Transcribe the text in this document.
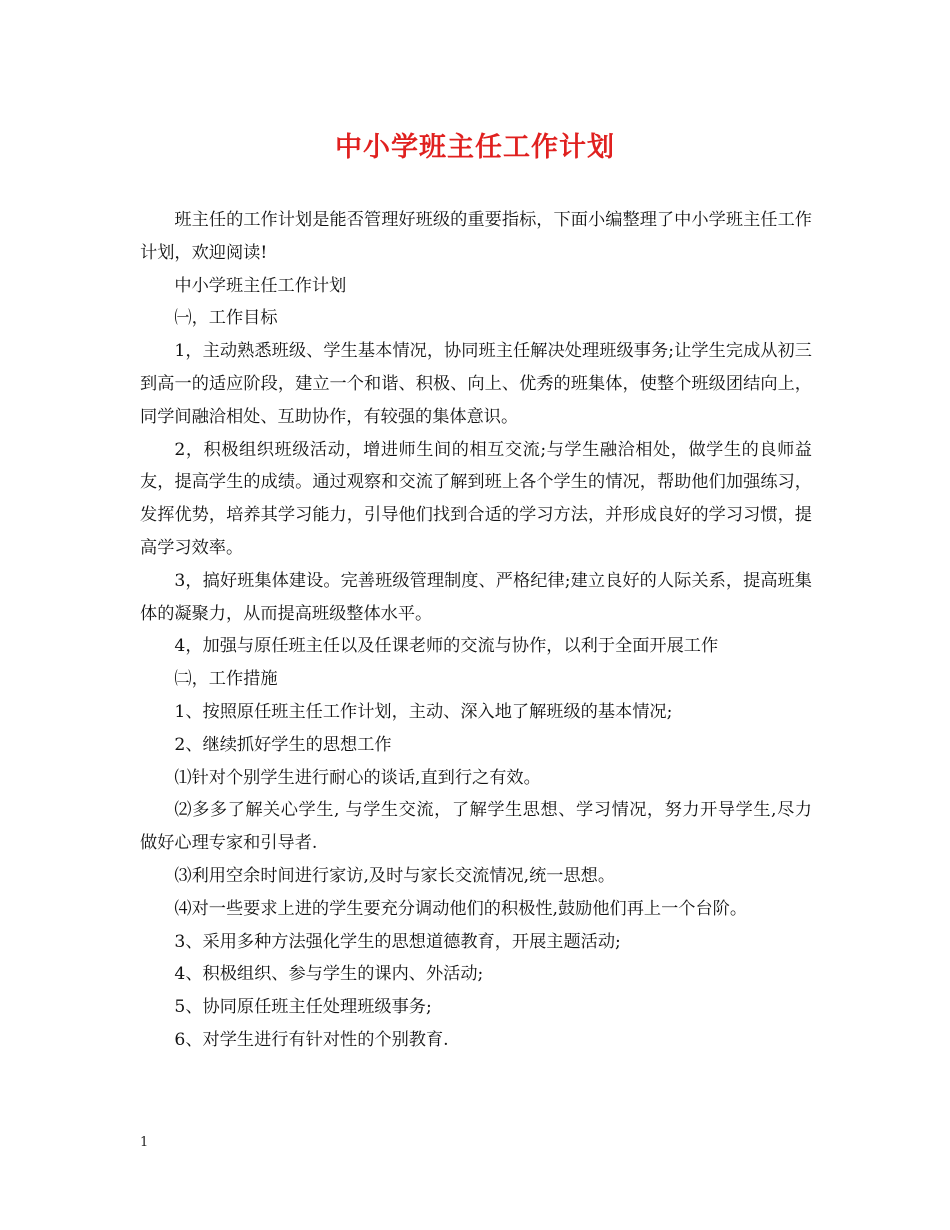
中小学班主任工作计划

班主任的工作计划是能否管理好班级的重要指标，下面小编整理了中小学班主任工作计划，欢迎阅读!

中小学班主任工作计划

㈠，工作目标

1，主动熟悉班级、学生基本情况，协同班主任解决处理班级事务;让学生完成从初三到高一的适应阶段，建立一个和谐、积极、向上、优秀的班集体，使整个班级团结向上，同学间融洽相处、互助协作，有较强的集体意识。

2，积极组织班级活动，增进师生间的相互交流;与学生融洽相处，做学生的良师益友，提高学生的成绩。通过观察和交流了解到班上各个学生的情况，帮助他们加强练习，发挥优势，培养其学习能力，引导他们找到合适的学习方法，并形成良好的学习习惯，提高学习效率。

3，搞好班集体建设。完善班级管理制度、严格纪律;建立良好的人际关系，提高班集体的凝聚力，从而提高班级整体水平。

4，加强与原任班主任以及任课老师的交流与协作，以利于全面开展工作

㈡，工作措施

1、按照原任班主任工作计划，主动、深入地了解班级的基本情况;

2、继续抓好学生的思想工作

⑴针对个别学生进行耐心的谈话,直到行之有效。

⑵多多了解关心学生, 与学生交流，了解学生思想、学习情况，努力开导学生,尽力 做好心理专家和引导者.

⑶利用空余时间进行家访,及时与家长交流情况,统一思想。

⑷对一些要求上进的学生要充分调动他们的积极性,鼓励他们再上一个台阶。

3、采用多种方法强化学生的思想道德教育，开展主题活动;

4、积极组织、参与学生的课内、外活动;

5、协同原任班主任处理班级事务;

6、对学生进行有针对性的个别教育.

1
